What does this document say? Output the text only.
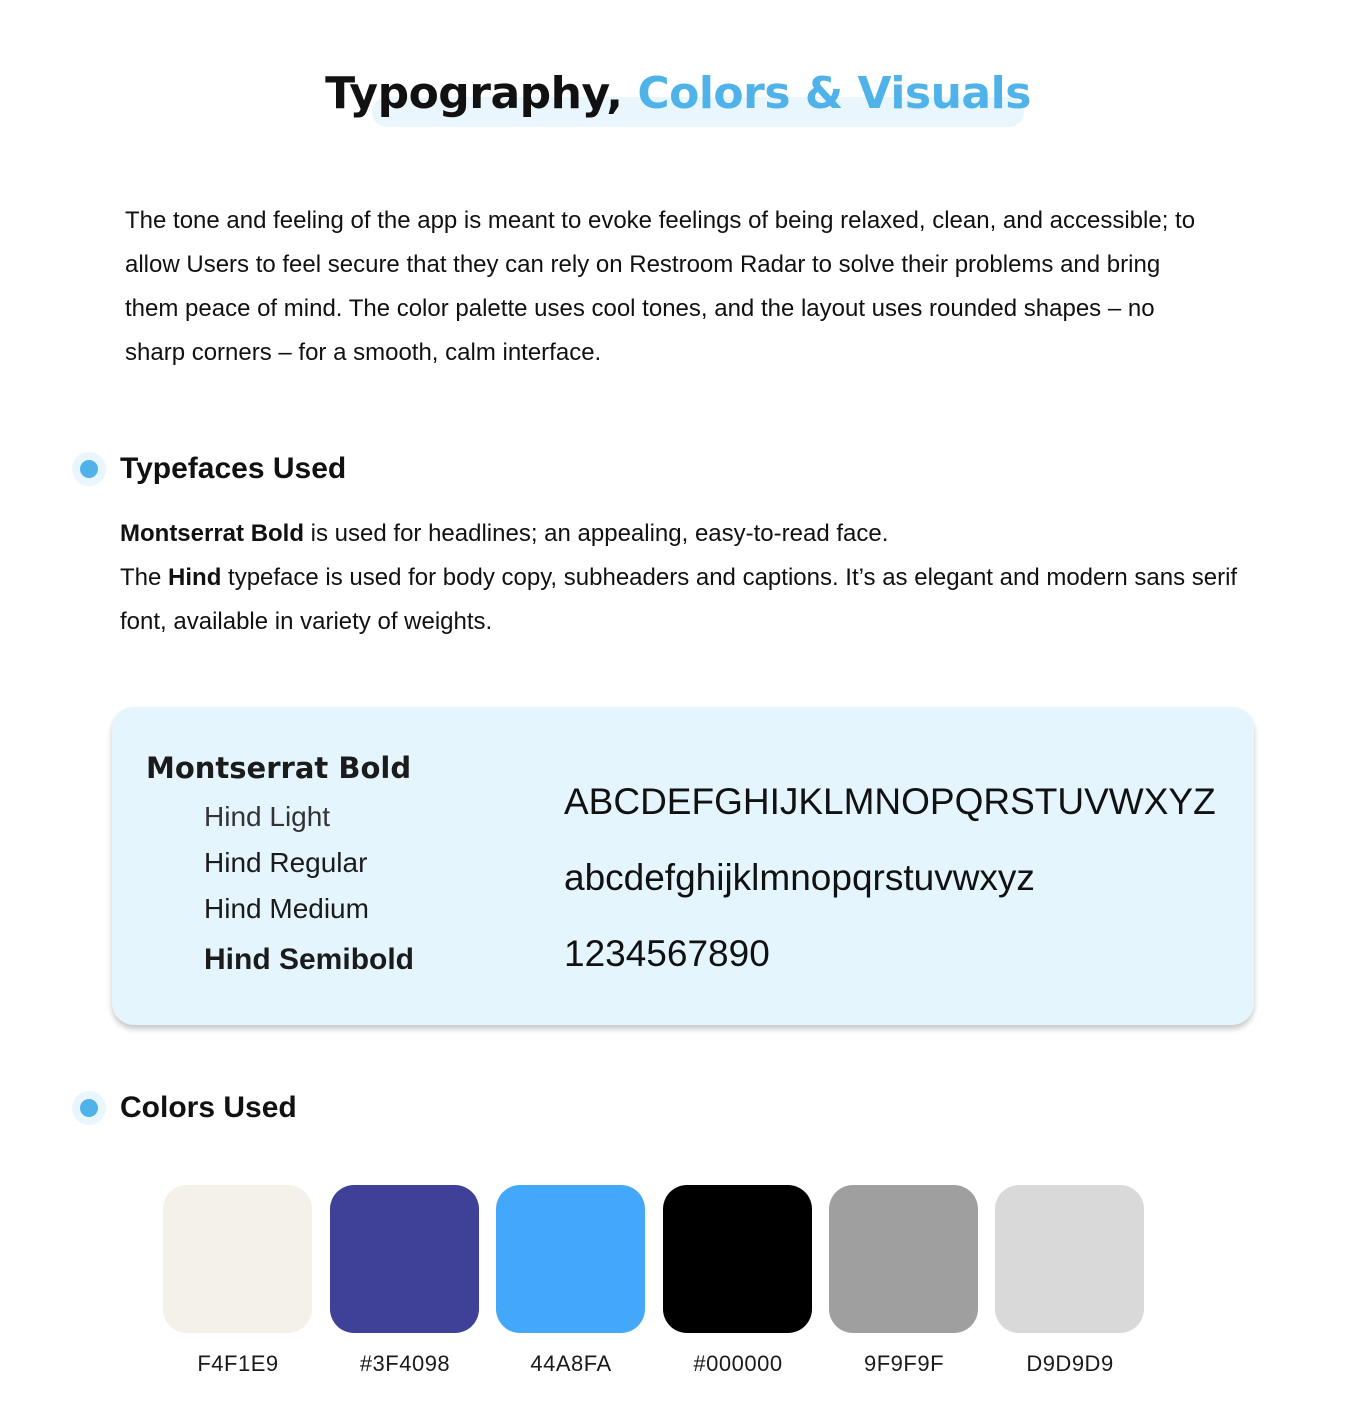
Typography, Colors & Visuals

The tone and feeling of the app is meant to evoke feelings of being relaxed, clean, and accessible; to allow Users to feel secure that they can rely on Restroom Radar to solve their problems and bring them peace of mind. The color palette uses cool tones, and the layout uses rounded shapes – no sharp corners – for a smooth, calm interface.

Typefaces Used
Montserrat Bold is used for headlines; an appealing, easy-to-read face.
The Hind typeface is used for body copy, subheaders and captions. It’s as elegant and modern sans serif font, available in variety of weights.

Montserrat Bold

Hind Light

Hind Regular

Hind Medium

Hind Semibold

ABCDEFGHIJKLMNOPQRSTUVWXYZ

abcdefghijklmnopqrstuvwxyz

1234567890

Colors Used
F4F1E9	#3F4098	44A8FA	#000000	9F9F9F	D9D9D9
